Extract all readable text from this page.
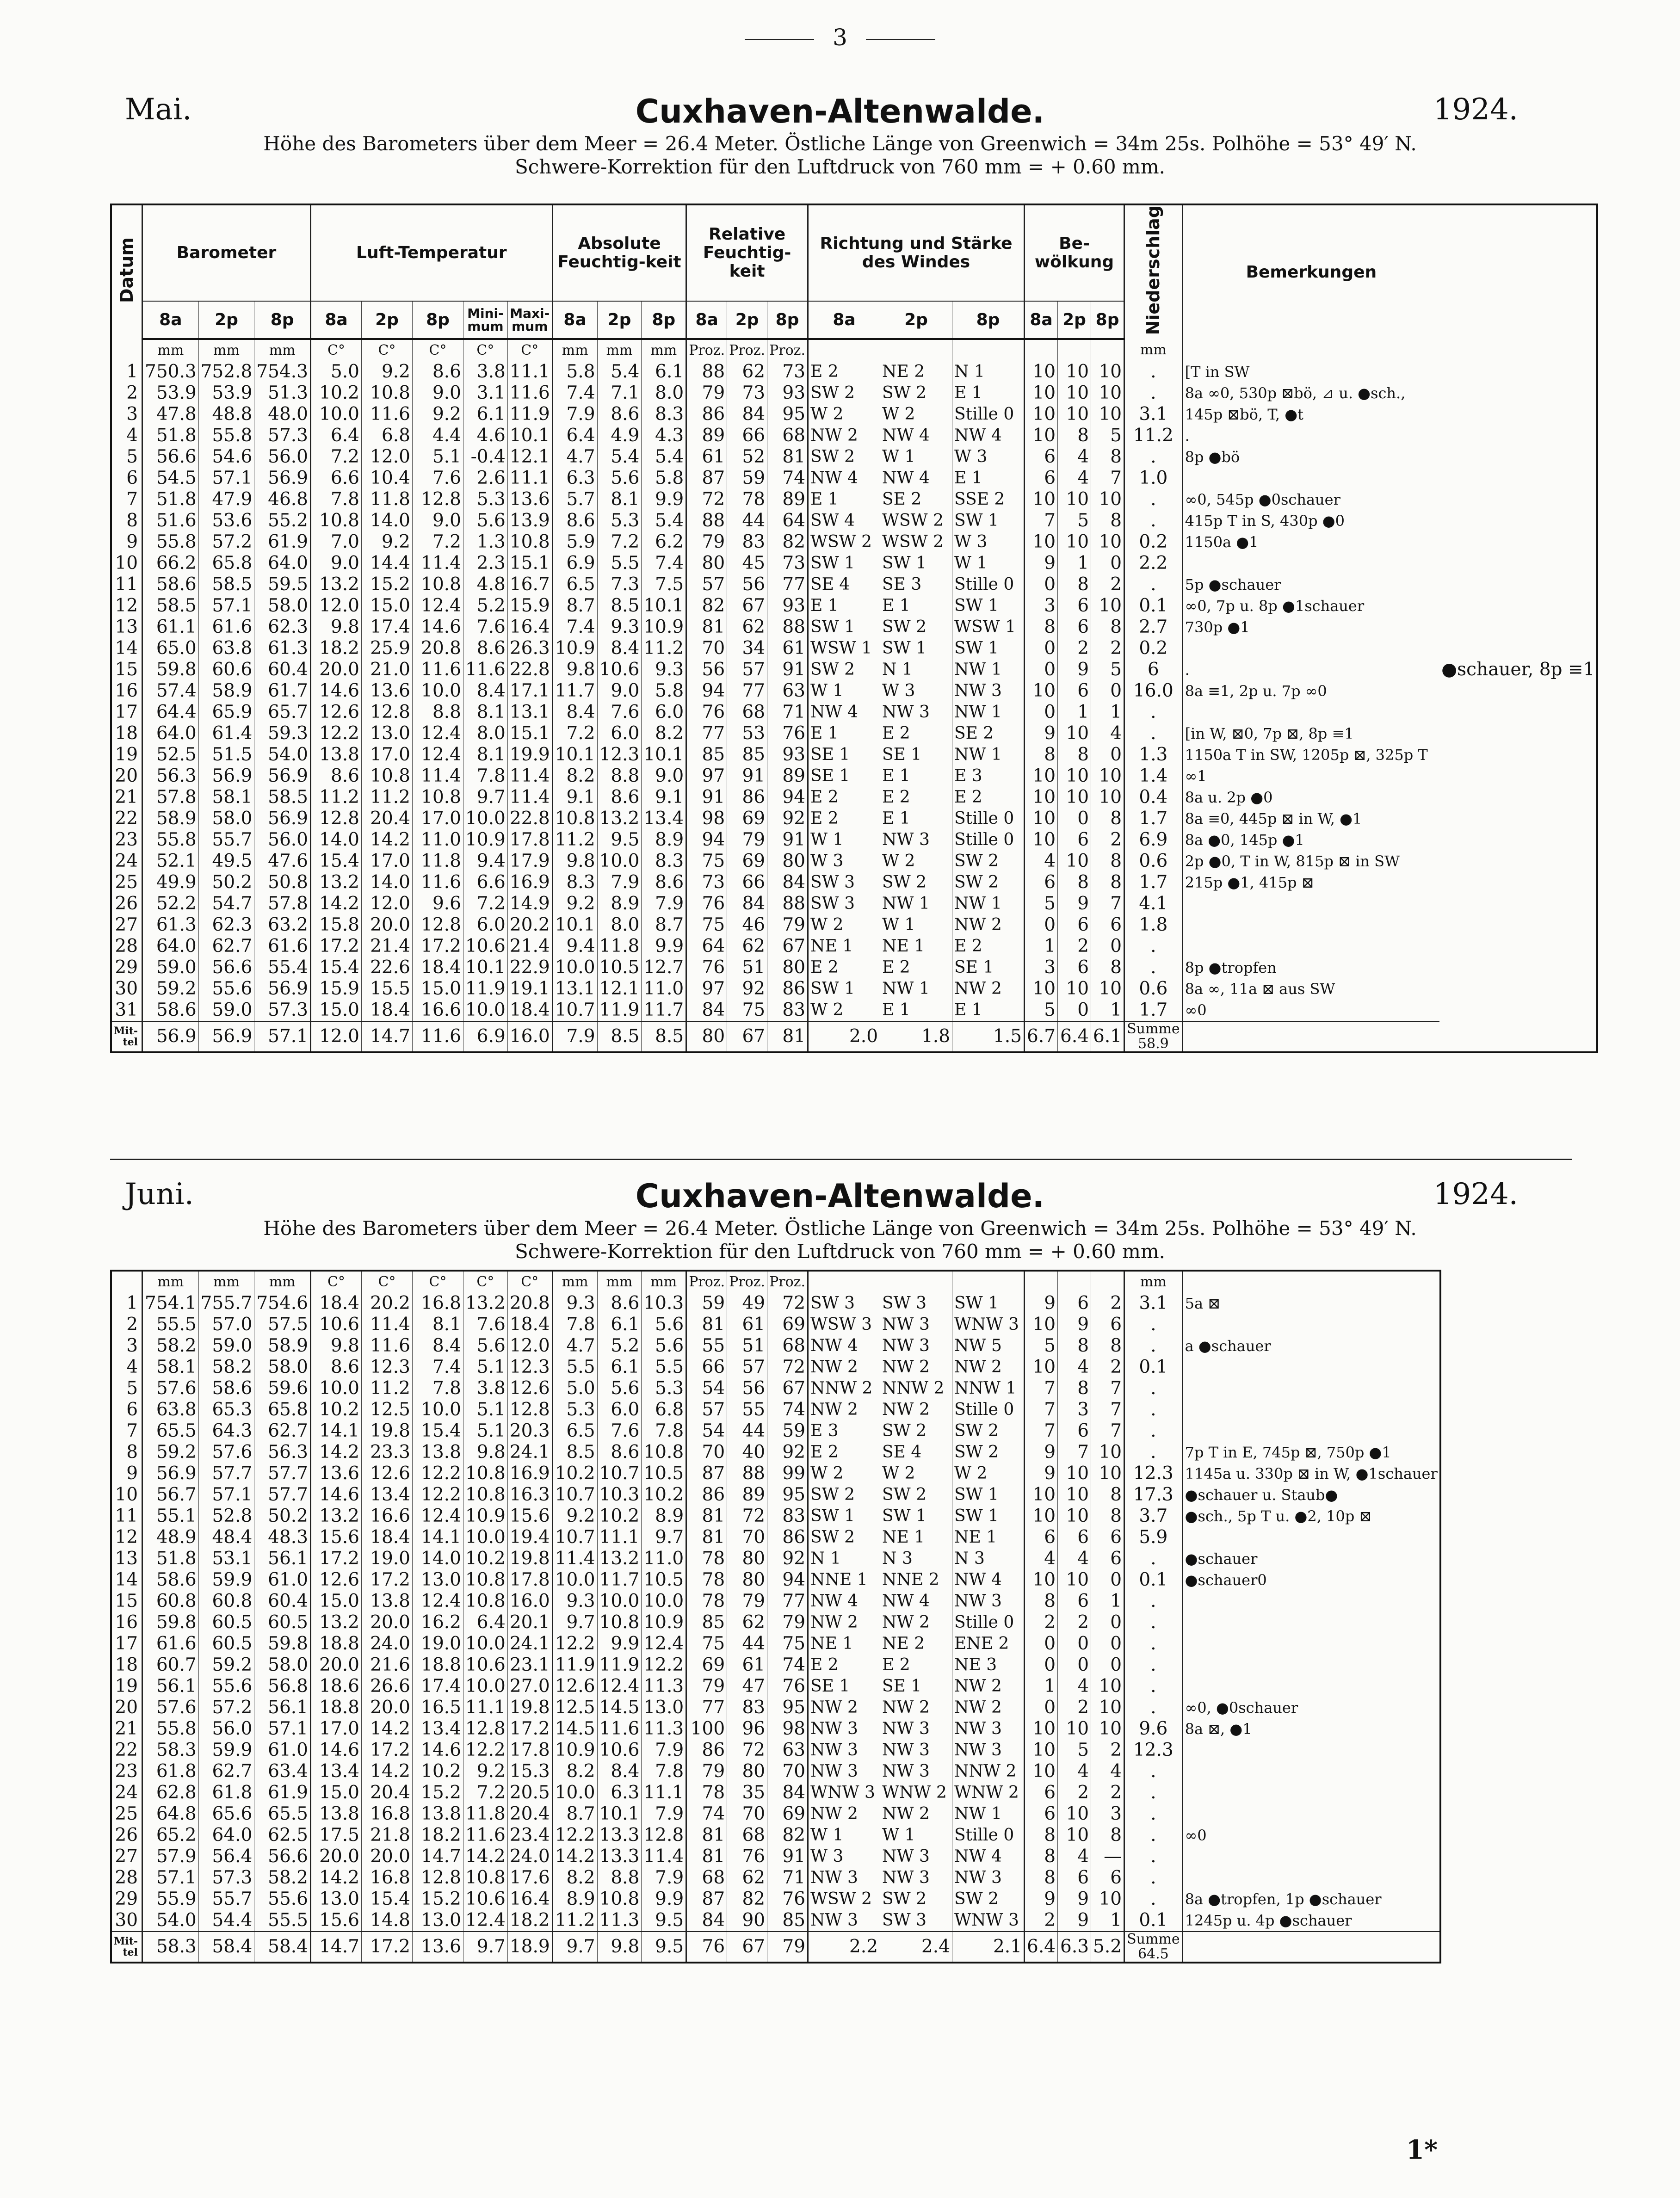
3
Mai.	Cuxhaven-Altenwalde.	1924.
Höhe des Barometers über dem Meer = 26.4 Meter. Östliche Länge von Greenwich = 34m 25s. Polhöhe = 53° 49′ N.
Schwere-Korrektion für den Luftdruck von 760 mm = + 0.60 mm.
Datum	Barometer			Luft-Temperatur					Absolute Feuchtig-keit			Relative Feuchtig-keit			Richtung und Stärke des Windes			Be-wölkung			Niederschlag	Bemerkungen	
	8a	2p	8p	8a	2p	8p	Mini-mum	Maxi-mum	8a	2p	8p	8a	2p	8p	8a	2p	8p	8a	2p	8p			
	mm	mm	mm	C°	C°	C°	C°	C°	mm	mm	mm	Proz.	Proz.	Proz.							mm		
1	750.3	752.8	754.3	5.0	9.2	8.6	3.8	11.1	5.8	5.4	6.1	88	62	73	E 2	NE 2	N 1	10	10	10	.	[T in SW	
2	53.9	53.9	51.3	10.2	10.8	9.0	3.1	11.6	7.4	7.1	8.0	79	73	93	SW 2	SW 2	E 1	10	10	10	.	8a ∞0, 530p ⊠bö, ⊿ u. ●sch.,	
3	47.8	48.8	48.0	10.0	11.6	9.2	6.1	11.9	7.9	8.6	8.3	86	84	95	W 2	W 2	Stille 0	10	10	10	3.1	145p ⊠bö, T, ●t	
4	51.8	55.8	57.3	6.4	6.8	4.4	4.6	10.1	6.4	4.9	4.3	89	66	68	NW 2	NW 4	NW 4	10	8	5	11.2	.	
5	56.6	54.6	56.0	7.2	12.0	5.1	-0.4	12.1	4.7	5.4	5.4	61	52	81	SW 2	W 1	W 3	6	4	8	.	8p ●bö	
6	54.5	57.1	56.9	6.6	10.4	7.6	2.6	11.1	6.3	5.6	5.8	87	59	74	NW 4	NW 4	E 1	6	4	7	1.0		
7	51.8	47.9	46.8	7.8	11.8	12.8	5.3	13.6	5.7	8.1	9.9	72	78	89	E 1	SE 2	SSE 2	10	10	10	.	∞0, 545p ●0schauer	
8	51.6	53.6	55.2	10.8	14.0	9.0	5.6	13.9	8.6	5.3	5.4	88	44	64	SW 4	WSW 2	SW 1	7	5	8	.	415p T in S, 430p ●0	
9	55.8	57.2	61.9	7.0	9.2	7.2	1.3	10.8	5.9	7.2	6.2	79	83	82	WSW 2	WSW 2	W 3	10	10	10	0.2	1150a ●1	
10	66.2	65.8	64.0	9.0	14.4	11.4	2.3	15.1	6.9	5.5	7.4	80	45	73	SW 1	SW 1	W 1	9	1	0	2.2		
11	58.6	58.5	59.5	13.2	15.2	10.8	4.8	16.7	6.5	7.3	7.5	57	56	77	SE 4	SE 3	Stille 0	0	8	2	.	5p ●schauer	
12	58.5	57.1	58.0	12.0	15.0	12.4	5.2	15.9	8.7	8.5	10.1	82	67	93	E 1	E 1	SW 1	3	6	10	0.1	∞0, 7p u. 8p ●1schauer	
13	61.1	61.6	62.3	9.8	17.4	14.6	7.6	16.4	7.4	9.3	10.9	81	62	88	SW 1	SW 2	WSW 1	8	6	8	2.7	730p ●1	
14	65.0	63.8	61.3	18.2	25.9	20.8	8.6	26.3	10.9	8.4	11.2	70	34	61	WSW 1	SW 1	SW 1	0	2	2	0.2		
15	59.8	60.6	60.4	20.0	21.0	11.6	11.6	22.8	9.8	10.6	9.3	56	57	91	SW 2	N 1	NW 1	0	9	5	6	.	●schauer, 8p ≡1
16	57.4	58.9	61.7	14.6	13.6	10.0	8.4	17.1	11.7	9.0	5.8	94	77	63	W 1	W 3	NW 3	10	6	0	16.0	8a ≡1, 2p u. 7p ∞0	
17	64.4	65.9	65.7	12.6	12.8	8.8	8.1	13.1	8.4	7.6	6.0	76	68	71	NW 4	NW 3	NW 1	0	1	1	.		
18	64.0	61.4	59.3	12.2	13.0	12.4	8.0	15.1	7.2	6.0	8.2	77	53	76	E 1	E 2	SE 2	9	10	4	.	[in W, ⊠0, 7p ⊠, 8p ≡1	
19	52.5	51.5	54.0	13.8	17.0	12.4	8.1	19.9	10.1	12.3	10.1	85	85	93	SE 1	SE 1	NW 1	8	8	0	1.3	1150a T in SW, 1205p ⊠, 325p T	
20	56.3	56.9	56.9	8.6	10.8	11.4	7.8	11.4	8.2	8.8	9.0	97	91	89	SE 1	E 1	E 3	10	10	10	1.4	∞1	
21	57.8	58.1	58.5	11.2	11.2	10.8	9.7	11.4	9.1	8.6	9.1	91	86	94	E 2	E 2	E 2	10	10	10	0.4	8a u. 2p ●0	
22	58.9	58.0	56.9	12.8	20.4	17.0	10.0	22.8	10.8	13.2	13.4	98	69	92	E 2	E 1	Stille 0	10	0	8	1.7	8a ≡0, 445p ⊠ in W, ●1	
23	55.8	55.7	56.0	14.0	14.2	11.0	10.9	17.8	11.2	9.5	8.9	94	79	91	W 1	NW 3	Stille 0	10	6	2	6.9	8a ●0, 145p ●1	
24	52.1	49.5	47.6	15.4	17.0	11.8	9.4	17.9	9.8	10.0	8.3	75	69	80	W 3	W 2	SW 2	4	10	8	0.6	2p ●0, T in W, 815p ⊠ in SW	
25	49.9	50.2	50.8	13.2	14.0	11.6	6.6	16.9	8.3	7.9	8.6	73	66	84	SW 3	SW 2	SW 2	6	8	8	1.7	215p ●1, 415p ⊠	
26	52.2	54.7	57.8	14.2	12.0	9.6	7.2	14.9	9.2	8.9	7.9	76	84	88	SW 3	NW 1	NW 1	5	9	7	4.1		
27	61.3	62.3	63.2	15.8	20.0	12.8	6.0	20.2	10.1	8.0	8.7	75	46	79	W 2	W 1	NW 2	0	6	6	1.8		
28	64.0	62.7	61.6	17.2	21.4	17.2	10.6	21.4	9.4	11.8	9.9	64	62	67	NE 1	NE 1	E 2	1	2	0	.		
29	59.0	56.6	55.4	15.4	22.6	18.4	10.1	22.9	10.0	10.5	12.7	76	51	80	E 2	E 2	SE 1	3	6	8	.	8p ●tropfen	
30	59.2	55.6	56.9	15.9	15.5	15.0	11.9	19.1	13.1	12.1	11.0	97	92	86	SW 1	NW 1	NW 2	10	10	10	0.6	8a ∞, 11a ⊠ aus SW	
31	58.6	59.0	57.3	15.0	18.4	16.6	10.0	18.4	10.7	11.9	11.7	84	75	83	W 2	E 1	E 1	5	0	1	1.7	∞0	
Mit-tel	56.9	56.9	57.1	12.0	14.7	11.6	6.9	16.0	7.9	8.5	8.5	80	67	81	2.0	1.8	1.5	6.7	6.4	6.1	Summe 58.9		
Juni.	Cuxhaven-Altenwalde.	1924.
Höhe des Barometers über dem Meer = 26.4 Meter. Östliche Länge von Greenwich = 34m 25s. Polhöhe = 53° 49′ N.
Schwere-Korrektion für den Luftdruck von 760 mm = + 0.60 mm.
	mm	mm	mm	C°	C°	C°	C°	C°	mm	mm	mm	Proz.	Proz.	Proz.							mm	
1	754.1	755.7	754.6	18.4	20.2	16.8	13.2	20.8	9.3	8.6	10.3	59	49	72	SW 3	SW 3	SW 1	9	6	2	3.1	5a ⊠
2	55.5	57.0	57.5	10.6	11.4	8.1	7.6	18.4	7.8	6.1	5.6	81	61	69	WSW 3	NW 3	WNW 3	10	9	6	.	
3	58.2	59.0	58.9	9.8	11.6	8.4	5.6	12.0	4.7	5.2	5.6	55	51	68	NW 4	NW 3	NW 5	5	8	8	.	a ●schauer
4	58.1	58.2	58.0	8.6	12.3	7.4	5.1	12.3	5.5	6.1	5.5	66	57	72	NW 2	NW 2	NW 2	10	4	2	0.1	
5	57.6	58.6	59.6	10.0	11.2	7.8	3.8	12.6	5.0	5.6	5.3	54	56	67	NNW 2	NNW 2	NNW 1	7	8	7	.	
6	63.8	65.3	65.8	10.2	12.5	10.0	5.1	12.8	5.3	6.0	6.8	57	55	74	NW 2	NW 2	Stille 0	7	3	7	.	
7	65.5	64.3	62.7	14.1	19.8	15.4	5.1	20.3	6.5	7.6	7.8	54	44	59	E 3	SW 2	SW 2	7	6	7	.	
8	59.2	57.6	56.3	14.2	23.3	13.8	9.8	24.1	8.5	8.6	10.8	70	40	92	E 2	SE 4	SW 2	9	7	10	.	7p T in E, 745p ⊠, 750p ●1
9	56.9	57.7	57.7	13.6	12.6	12.2	10.8	16.9	10.2	10.7	10.5	87	88	99	W 2	W 2	W 2	9	10	10	12.3	1145a u. 330p ⊠ in W, ●1schauer
10	56.7	57.1	57.7	14.6	13.4	12.2	10.8	16.3	10.7	10.3	10.2	86	89	95	SW 2	SW 2	SW 1	10	10	8	17.3	●schauer u. Staub●
11	55.1	52.8	50.2	13.2	16.6	12.4	10.9	15.6	9.2	10.2	8.9	81	72	83	SW 1	SW 1	SW 1	10	10	8	3.7	●sch., 5p T u. ●2, 10p ⊠
12	48.9	48.4	48.3	15.6	18.4	14.1	10.0	19.4	10.7	11.1	9.7	81	70	86	SW 2	NE 1	NE 1	6	6	6	5.9	
13	51.8	53.1	56.1	17.2	19.0	14.0	10.2	19.8	11.4	13.2	11.0	78	80	92	N 1	N 3	N 3	4	4	6	.	●schauer
14	58.6	59.9	61.0	12.6	17.2	13.0	10.8	17.8	10.0	11.7	10.5	78	80	94	NNE 1	NNE 2	NW 4	10	10	0	0.1	●schauer0
15	60.8	60.8	60.4	15.0	13.8	12.4	10.8	16.0	9.3	10.0	10.0	78	79	77	NW 4	NW 4	NW 3	8	6	1	.	
16	59.8	60.5	60.5	13.2	20.0	16.2	6.4	20.1	9.7	10.8	10.9	85	62	79	NW 2	NW 2	Stille 0	2	2	0	.	
17	61.6	60.5	59.8	18.8	24.0	19.0	10.0	24.1	12.2	9.9	12.4	75	44	75	NE 1	NE 2	ENE 2	0	0	0	.	
18	60.7	59.2	58.0	20.0	21.6	18.8	10.6	23.1	11.9	11.9	12.2	69	61	74	E 2	E 2	NE 3	0	0	0	.	
19	56.1	55.6	56.8	18.6	26.6	17.4	10.0	27.0	12.6	12.4	11.3	79	47	76	SE 1	SE 1	NW 2	1	4	10	.	
20	57.6	57.2	56.1	18.8	20.0	16.5	11.1	19.8	12.5	14.5	13.0	77	83	95	NW 2	NW 2	NW 2	0	2	10	.	∞0, ●0schauer
21	55.8	56.0	57.1	17.0	14.2	13.4	12.8	17.2	14.5	11.6	11.3	100	96	98	NW 3	NW 3	NW 3	10	10	10	9.6	8a ⊠, ●1
22	58.3	59.9	61.0	14.6	17.2	14.6	12.2	17.8	10.9	10.6	7.9	86	72	63	NW 3	NW 3	NW 3	10	5	2	12.3	
23	61.8	62.7	63.4	13.4	14.2	10.2	9.2	15.3	8.2	8.4	7.8	79	80	70	NW 3	NW 3	NNW 2	10	4	4	.	
24	62.8	61.8	61.9	15.0	20.4	15.2	7.2	20.5	10.0	6.3	11.1	78	35	84	WNW 3	WNW 2	WNW 2	6	2	2	.	
25	64.8	65.6	65.5	13.8	16.8	13.8	11.8	20.4	8.7	10.1	7.9	74	70	69	NW 2	NW 2	NW 1	6	10	3	.	
26	65.2	64.0	62.5	17.5	21.8	18.2	11.6	23.4	12.2	13.3	12.8	81	68	82	W 1	W 1	Stille 0	8	10	8	.	∞0
27	57.9	56.4	56.6	20.0	20.0	14.7	14.2	24.0	14.2	13.3	11.4	81	76	91	W 3	NW 3	NW 4	8	4	—	.	
28	57.1	57.3	58.2	14.2	16.8	12.8	10.8	17.6	8.2	8.8	7.9	68	62	71	NW 3	NW 3	NW 3	8	6	6	.	
29	55.9	55.7	55.6	13.0	15.4	15.2	10.6	16.4	8.9	10.8	9.9	87	82	76	WSW 2	SW 2	SW 2	9	9	10	.	8a ●tropfen, 1p ●schauer
30	54.0	54.4	55.5	15.6	14.8	13.0	12.4	18.2	11.2	11.3	9.5	84	90	85	NW 3	SW 3	WNW 3	2	9	1	0.1	1245p u. 4p ●schauer
Mit-tel	58.3	58.4	58.4	14.7	17.2	13.6	9.7	18.9	9.7	9.8	9.5	76	67	79	2.2	2.4	2.1	6.4	6.3	5.2	Summe 64.5	
1*
